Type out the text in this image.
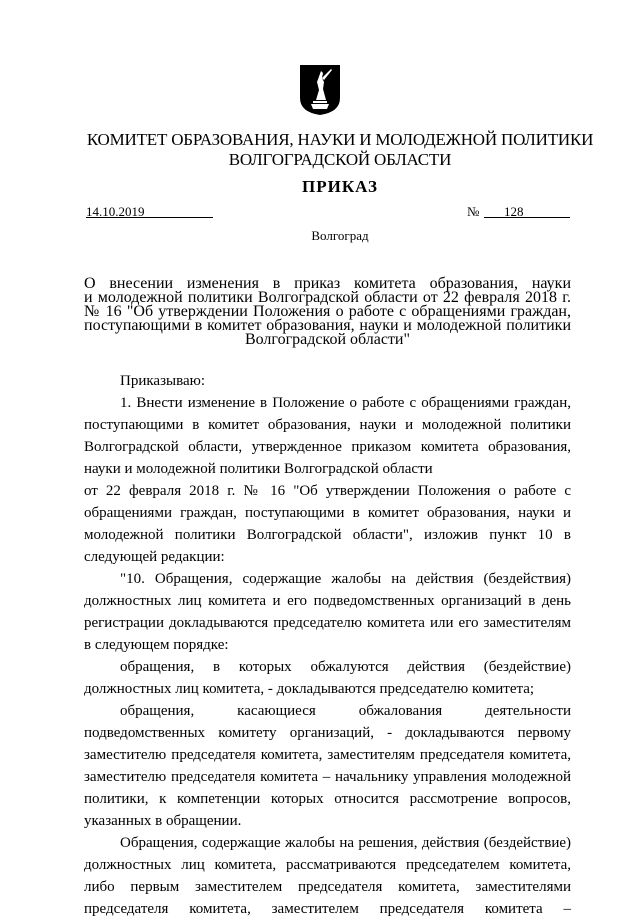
КОМИТЕТ ОБРАЗОВАНИЯ, НАУКИ И МОЛОДЕЖНОЙ ПОЛИТИКИ
ВОЛГОГРАДСКОЙ ОБЛАСТИ
ПРИКАЗ
14.10.2019	№ 128
Волгоград
О внесении изменения в приказ комитета образования, науки
и молодежной политики Волгоградской области от 22 февраля 2018 г.
№ 16 "Об утверждении Положения о работе с обращениями граждан,
поступающими в комитет образования, науки и молодежной политики
Волгоградской области"
Приказываю:
1. Внести изменение в Положение о работе с обращениями граждан, поступающими в комитет образования, науки и молодежной политики Волгоградской области, утвержденное приказом комитета образования, науки и молодежной политики Волгоградской области
от 22 февраля 2018 г. № 16 "Об утверждении Положения о работе с обращениями граждан, поступающими в комитет образования, науки и молодежной политики Волгоградской области", изложив пункт 10 в следующей редакции:
"10. Обращения, содержащие жалобы на действия (бездействия) должностных лиц комитета и его подведомственных организаций в день регистрации докладываются председателю комитета или его заместителям в следующем порядке:
обращения, в которых обжалуются действия (бездействие) должностных лиц комитета, - докладываются председателю комитета;
обращения, касающиеся обжалования деятельности подведомственных комитету организаций, - докладываются первому заместителю председателя комитета, заместителям председателя комитета, заместителю председателя комитета – начальнику управления молодежной политики, к компетенции которых относится рассмотрение вопросов, указанных в обращении.
Обращения, содержащие жалобы на решения, действия (бездействие) должностных лиц комитета, рассматриваются председателем комитета, либо первым заместителем председателя комитета, заместителями председателя комитета, заместителем председателя комитета –
